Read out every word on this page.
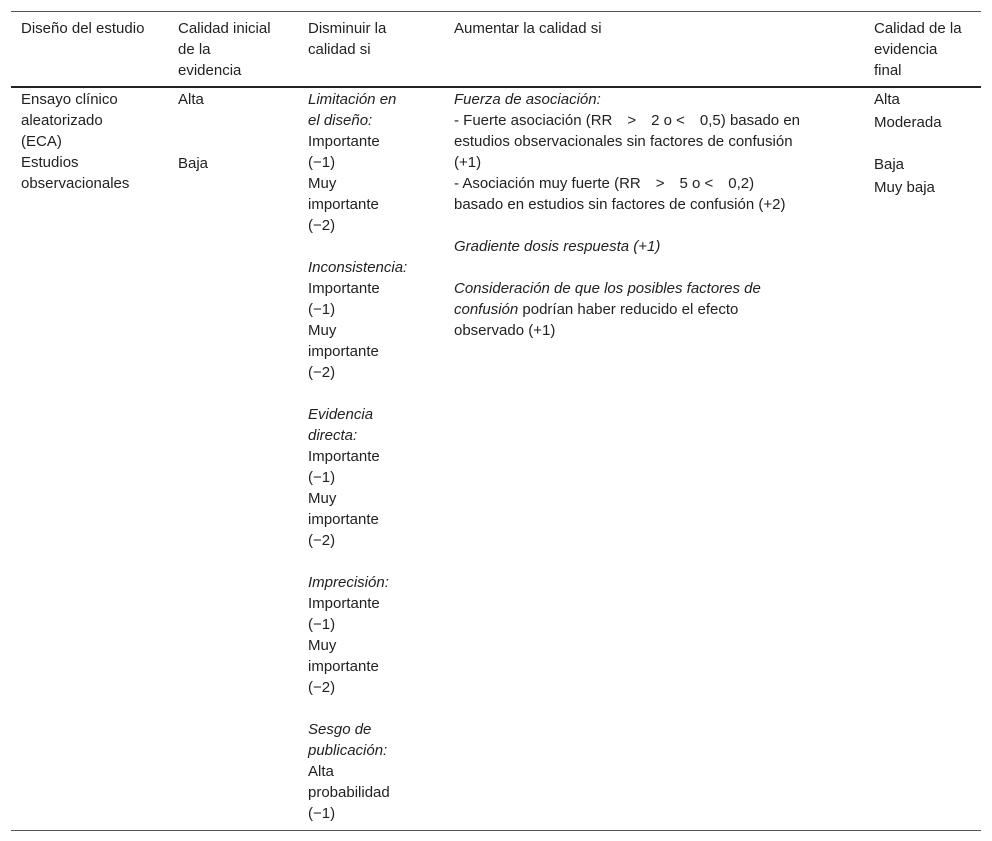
Diseño del estudio Calidad inicial
de la
evidencia
Disminuir la
calidad si
Aumentar la calidad si	Calidad de la
evidencia
final
Ensayo clínico
aleatorizado
(ECA)
Estudios
observacionales
Alta
Baja
Limitación en
el diseño:
Importante
(−1)
Muy
importante
(−2)
Inconsistencia:
Importante
(−1)
Muy
importante
(−2)
Evidencia
directa:
Importante
(−1)
Muy
importante
(−2)
Imprecisión:
Importante
(−1)
Muy
importante
(−2)
Sesgo de
publicación:
Alta
probabilidad
(−1)
Fuerza de asociación:
- Fuerte asociación (RR > 2 o < 0,5) basado en
estudios observacionales sin factores de confusión
(+1)
- Asociación muy fuerte (RR > 5 o < 0,2)
basado en estudios sin factores de confusión (+2)
Gradiente dosis respuesta (+1)
Consideración de que los posibles factores de
confusión podrían haber reducido el efecto
observado (+1)
Alta
Moderada
Baja
Muy baja
